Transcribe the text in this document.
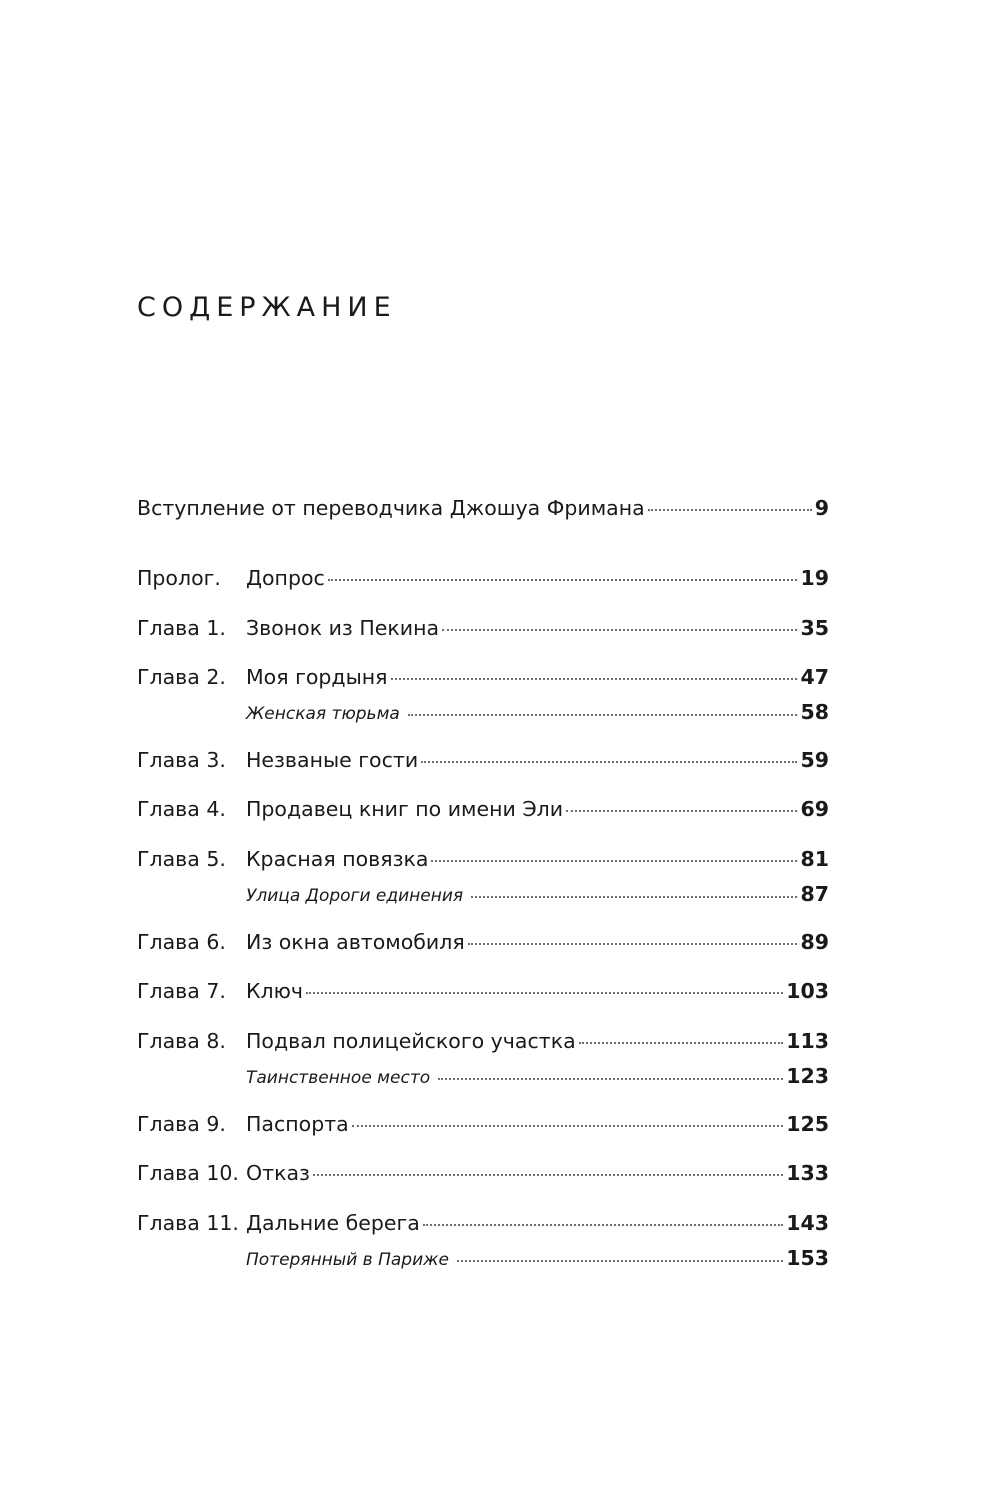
СОДЕРЖАНИЕ
Вступление от переводчика Джошуа Фримана	9
Пролог.	Допрос	19
Глава 1. Звонок из Пекина	35
Глава 2. Моя гордыня	47
Женская тюрьма	58
Глава 3. Незваные гости	59
Глава 4. Продавец книг по имени Эли	69
Глава 5. Красная повязка	81
Улица Дороги единения	87
Глава 6. Из окна автомобиля	89
Глава 7. Ключ	103
Глава 8. Подвал полицейского участка	113
Таинственное место	123
Глава 9. Паспорта	125
Глава 10. Отказ	133
Глава 11. Дальние берега	143
Потерянный в Париже	153
